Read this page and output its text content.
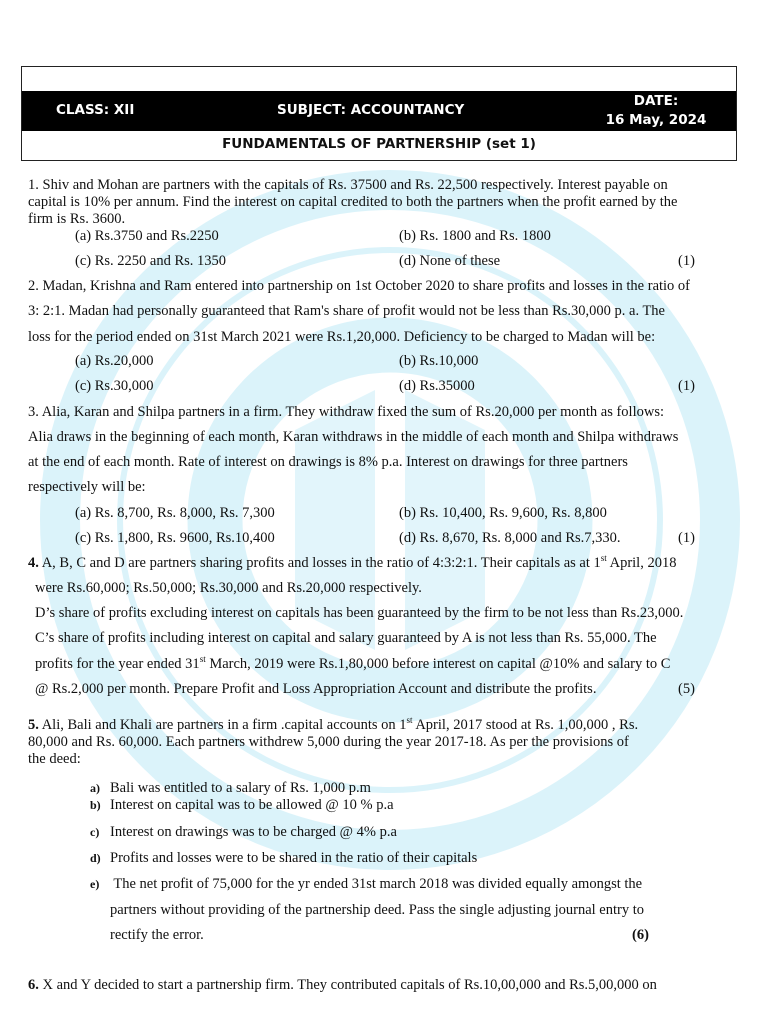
CLASS: XII	SUBJECT: ACCOUNTANCY
DATE:
16 May, 2024
FUNDAMENTALS OF PARTNERSHIP (set 1)
1. Shiv and Mohan are partners with the capitals of Rs. 37500 and Rs. 22,500 respectively. Interest payable on
capital is 10% per annum. Find the interest on capital credited to both the partners when the profit earned by the
firm is Rs. 3600.
(a) Rs.3750 and Rs.2250	(b) Rs. 1800 and Rs. 1800
(c) Rs. 2250 and Rs. 1350	(d) None of these	(1)
2. Madan, Krishna and Ram entered into partnership on 1st October 2020 to share profits and losses in the ratio of
3: 2:1. Madan had personally guaranteed that Ram's share of profit would not be less than Rs.30,000 p. a. The
loss for the period ended on 31st March 2021 were Rs.1,20,000. Deficiency to be charged to Madan will be:
(a) Rs.20,000	(b) Rs.10,000
(c) Rs.30,000	(d) Rs.35000	(1)
3. Alia, Karan and Shilpa partners in a firm. They withdraw fixed the sum of Rs.20,000 per month as follows:
Alia draws in the beginning of each month, Karan withdraws in the middle of each month and Shilpa withdraws
at the end of each month. Rate of interest on drawings is 8% p.a. Interest on drawings for three partners
respectively will be:
(a) Rs. 8,700, Rs. 8,000, Rs. 7,300	(b) Rs. 10,400, Rs. 9,600, Rs. 8,800
(c) Rs. 1,800, Rs. 9600, Rs.10,400	(d) Rs. 8,670, Rs. 8,000 and Rs.7,330.	(1)
4. A, B, C and D are partners sharing profits and losses in the ratio of 4:3:2:1. Their capitals as at 1st April, 2018
were Rs.60,000; Rs.50,000; Rs.30,000 and Rs.20,000 respectively.
D’s share of profits excluding interest on capitals has been guaranteed by the firm to be not less than Rs.23,000.
C’s share of profits including interest on capital and salary guaranteed by A is not less than Rs. 55,000. The
profits for the year ended 31st March, 2019 were Rs.1,80,000 before interest on capital @10% and salary to C
@ Rs.2,000 per month. Prepare Profit and Loss Appropriation Account and distribute the profits.	(5)
5. Ali, Bali and Khali are partners in a firm .capital accounts on 1st April, 2017 stood at Rs. 1,00,000 , Rs.
80,000 and Rs. 60,000. Each partners withdrew 5,000 during the year 2017-18. As per the provisions of
the deed:
a) Bali was entitled to a salary of Rs. 1,000 p.m
b) Interest on capital was to be allowed @ 10 % p.a
c) Interest on drawings was to be charged @ 4% p.a
d) Profits and losses were to be shared in the ratio of their capitals
e) The net profit of 75,000 for the yr ended 31st march 2018 was divided equally amongst the
partners without providing of the partnership deed. Pass the single adjusting journal entry to
rectify the error.	(6)
6. X and Y decided to start a partnership firm. They contributed capitals of Rs.10,00,000 and Rs.5,00,000 on
